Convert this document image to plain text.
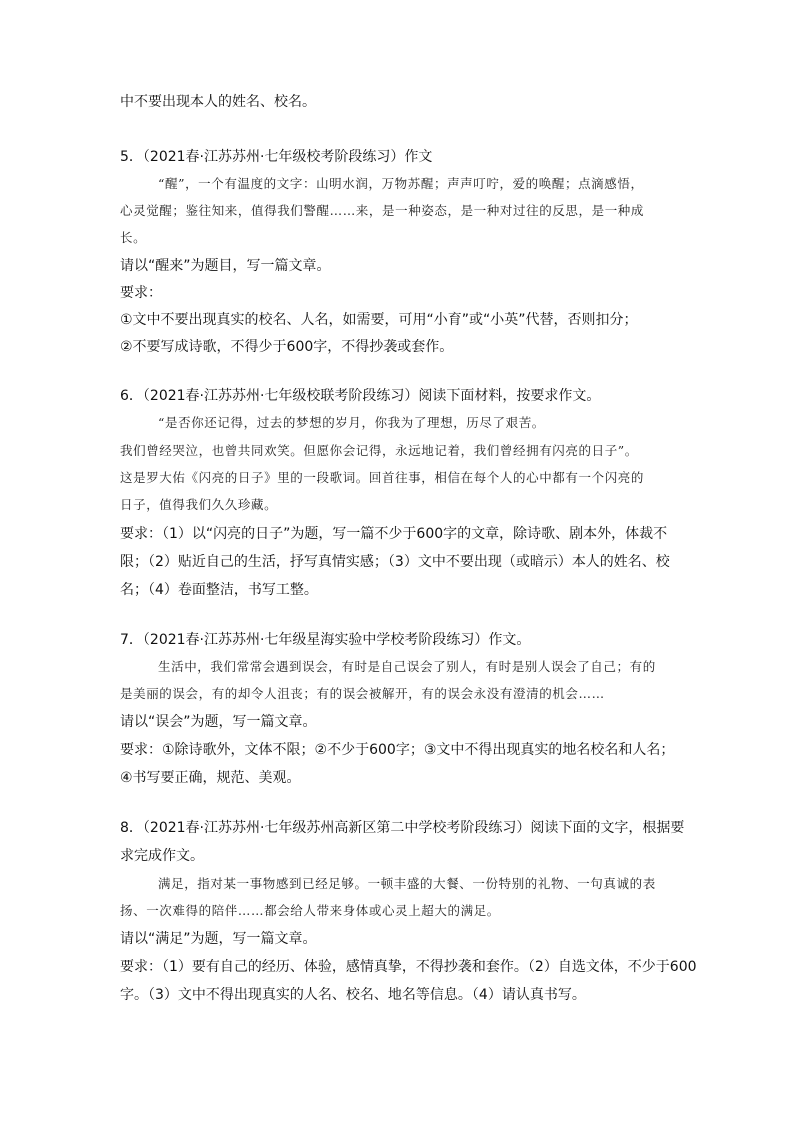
中不要出现本人的姓名、校名。
5．（2021春·江苏苏州·七年级校考阶段练习）作文
“醒”，一个有温度的文字：山明水润，万物苏醒；声声叮咛，爱的唤醒；点滴感悟，
心灵觉醒；鉴往知来，值得我们警醒……来，是一种姿态，是一种对过往的反思，是一种成
长。
请以“醒来”为题目，写一篇文章。
要求：
①文中不要出现真实的校名、人名，如需要，可用“小育”或“小英”代替，否则扣分；
②不要写成诗歌，不得少于600字，不得抄袭或套作。
6．（2021春·江苏苏州·七年级校联考阶段练习）阅读下面材料，按要求作文。
“是否你还记得，过去的梦想的岁月，你我为了理想，历尽了艰苦。
我们曾经哭泣，也曾共同欢笑。但愿你会记得，永远地记着，我们曾经拥有闪亮的日子”。
这是罗大佑《闪亮的日子》里的一段歌词。回首往事，相信在每个人的心中都有一个闪亮的
日子，值得我们久久珍藏。
要求：（1）以“闪亮的日子”为题，写一篇不少于600字的文章，除诗歌、剧本外，体裁不
限；（2）贴近自己的生活，抒写真情实感；（3）文中不要出现（或暗示）本人的姓名、校
名；（4）卷面整洁，书写工整。
7．（2021春·江苏苏州·七年级星海实验中学校考阶段练习）作文。
生活中，我们常常会遇到误会，有时是自己误会了别人，有时是别人误会了自己；有的
是美丽的误会，有的却令人沮丧；有的误会被解开，有的误会永没有澄清的机会……
请以“误会”为题，写一篇文章。
要求：①除诗歌外，文体不限；②不少于600字；③文中不得出现真实的地名校名和人名；
④书写要正确，规范、美观。
8．（2021春·江苏苏州·七年级苏州高新区第二中学校考阶段练习）阅读下面的文字，根据要
求完成作文。
满足，指对某一事物感到已经足够。一顿丰盛的大餐、一份特别的礼物、一句真诚的表
扬、一次难得的陪伴……都会给人带来身体或心灵上超大的满足。
请以“满足”为题，写一篇文章。
要求：（1）要有自己的经历、体验，感情真挚，不得抄袭和套作。（2）自选文体，不少于600
字。（3）文中不得出现真实的人名、校名、地名等信息。（4）请认真书写。
